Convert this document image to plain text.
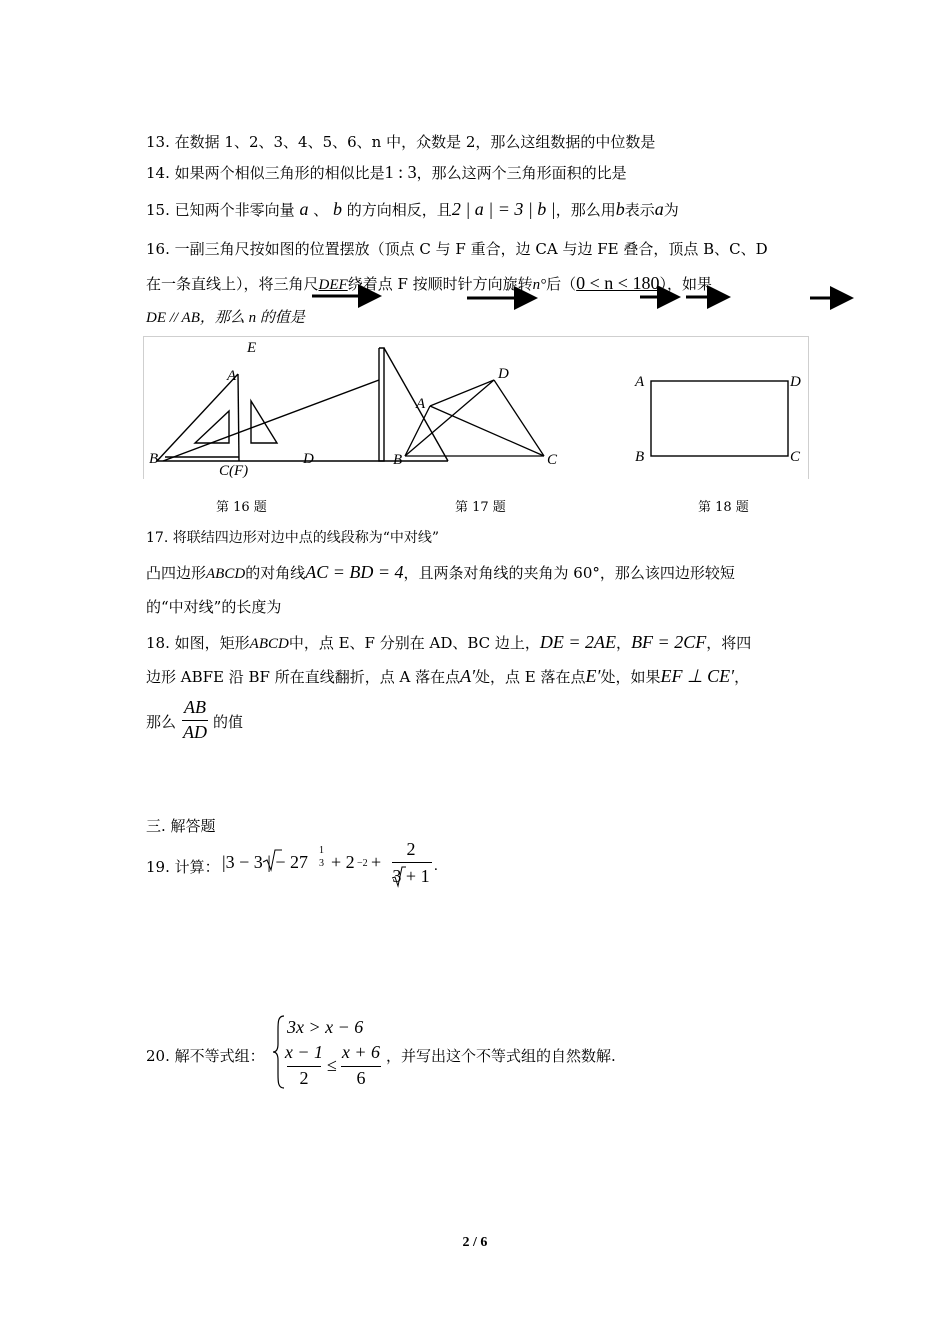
13. 在数据 1、2、3、4、5、6、n 中，众数是 2，那么这组数据的中位数是
14. 如果两个相似三角形的相似比是1 : 3，那么这两个三角形面积的比是
15. 已知两个非零向量 a 、 b 的方向相反，且2 | a | = 3 | b |，那么用b表示a为
16. 一副三角尺按如图的位置摆放（顶点 C 与 F 重合，边 CA 与边 FE 叠合，顶点 B、C、D
在一条直线上），将三角尺DEF绕着点 F 按顺时针方向旋转n°后（0 < n < 180），如果
DE // AB，那么 n 的值是
E
A
B
C(F)
D
D
A
B	C
A	D
B	C
第 16 题	第 17 题	第 18 题
17. 将联结四边形对边中点的线段称为“中对线”
凸四边形ABCD的对角线AC = BD = 4，且两条对角线的夹角为 60°，那么该四边形较短
的“中对线”的长度为
18. 如图，矩形ABCD中，点 E、F 分别在 AD、BC 边上，DE = 2AE，BF = 2CF，将四
边形 ABFE 沿 BF 所在直线翻折，点 A 落在点A′处，点 E 落在点E′处，如果EF ⊥ CE′，
那么
AB
AD 的值
三. 解答题
19. 计算： |3 − 3 | − 27
1
3 + 2 −2 +
2
3 + 1 .
20. 解不等式组：
3x > x − 6
x − 1
2
≤
x + 6
6
，并写出这个不等式组的自然数解.
2 / 6
